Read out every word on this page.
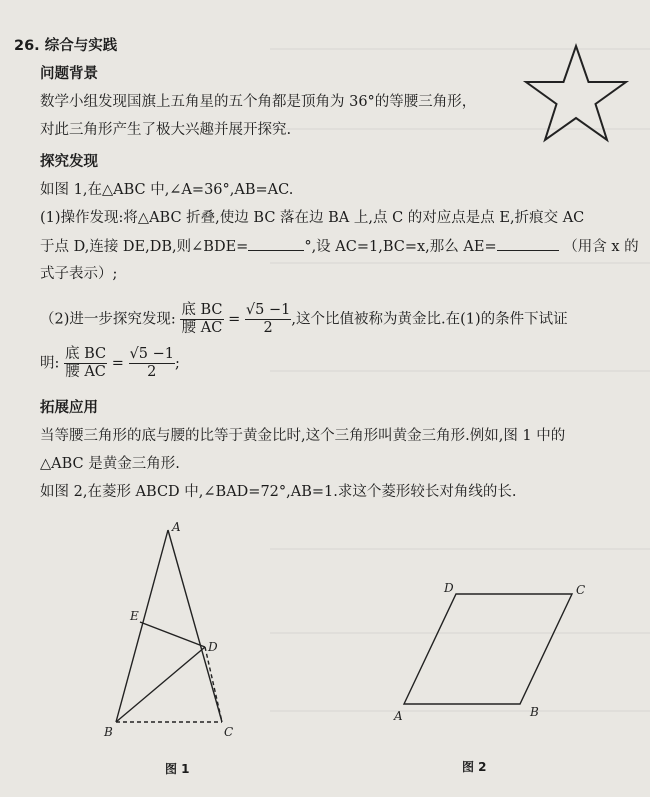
26. 综合与实践
问题背景
数学小组发现国旗上五角星的五个角都是顶角为 36°的等腰三角形，
对此三角形产生了极大兴趣并展开探究.
探究发现
如图 1,在△ABC 中,∠A=36°,AB=AC.
(1)操作发现:将△ABC 折叠,使边 BC 落在边 BA 上,点 C 的对应点是点 E,折痕交 AC
于点 D,连接 DE,DB,则∠BDE=	°,设 AC=1,BC=x,那么 AE=	（用含 x 的
式子表示）;
（2)进一步探究发现: $\frac{\text{底 BC}}{\text{腰 AC}} = \frac{√5 -1}{2}$ ,这个比值被称为黄金比.在(1)的条件下试证
明: $\frac{\text{底 BC}}{\text{腰 AC}} = \frac{√5 -1}{2}$ ;
拓展应用
当等腰三角形的底与腰的比等于黄金比时,这个三角形叫黄金三角形.例如,图 1 中的
△ABC 是黄金三角形.
如图 2,在菱形 ABCD 中,∠BAD=72°,AB=1.求这个菱形较长对角线的长.
A
E
D
B	C
图 1
A	B
C
D
图 2
